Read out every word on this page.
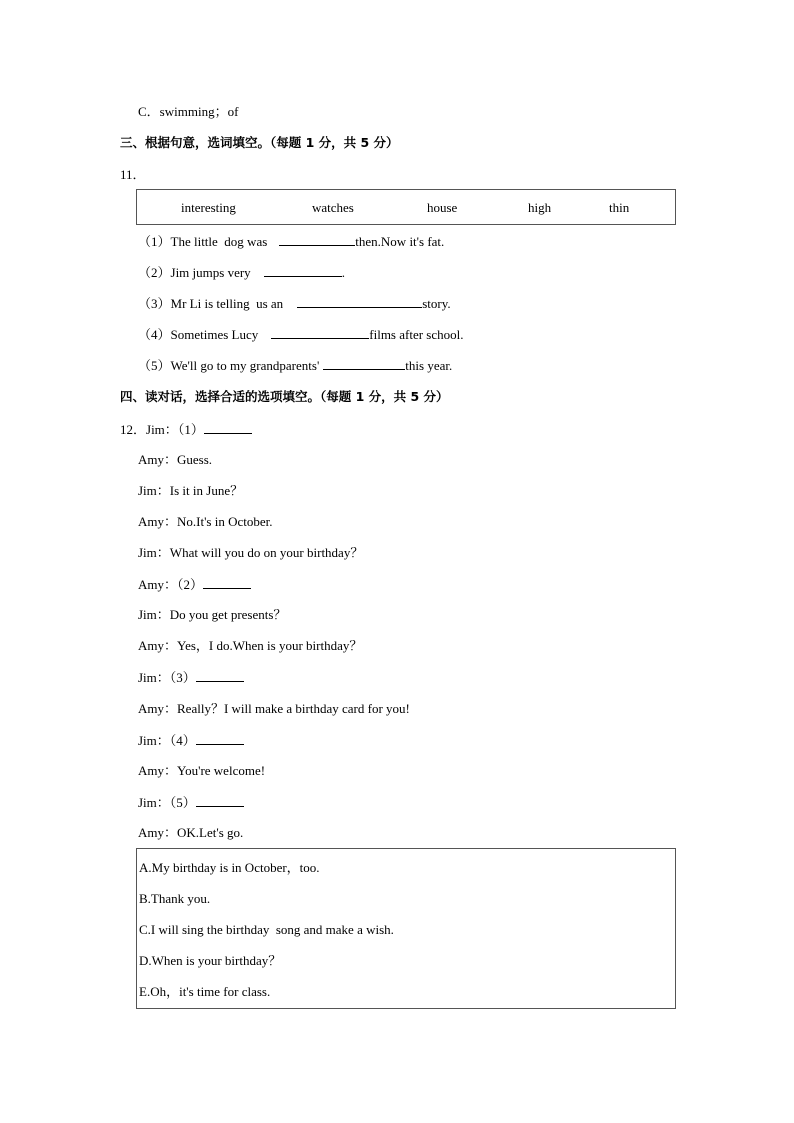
C．swimming；of
三、根据句意，选词填空。（每题 1 分，共 5 分）
11．
interesting	watches	house	high	thin
（1）The little  dog was	then.Now it's fat.
（2）Jim jumps very	.
（3）Mr Li is telling  us an	story.
（4）Sometimes Lucy	films after school.
（5）We'll go to my grandparents'	this year.
四、读对话，选择合适的选项填空。（每题 1 分，共 5 分）
12．Jim：（1）
Amy：Guess.
Jim：Is it in June？
Amy：No.It's in October.
Jim：What will you do on your birthday？
Amy：（2）
Jim：Do you get presents？
Amy：Yes，I do.When is your birthday？
Jim：（3）
Amy：Really？I will make a birthday card for you!
Jim：（4）
Amy：You're welcome!
Jim：（5）
Amy：OK.Let's go.
A.My birthday is in October，too.
B.Thank you.
C.I will sing the birthday  song and make a wish.
D.When is your birthday？
E.Oh，it's time for class.
